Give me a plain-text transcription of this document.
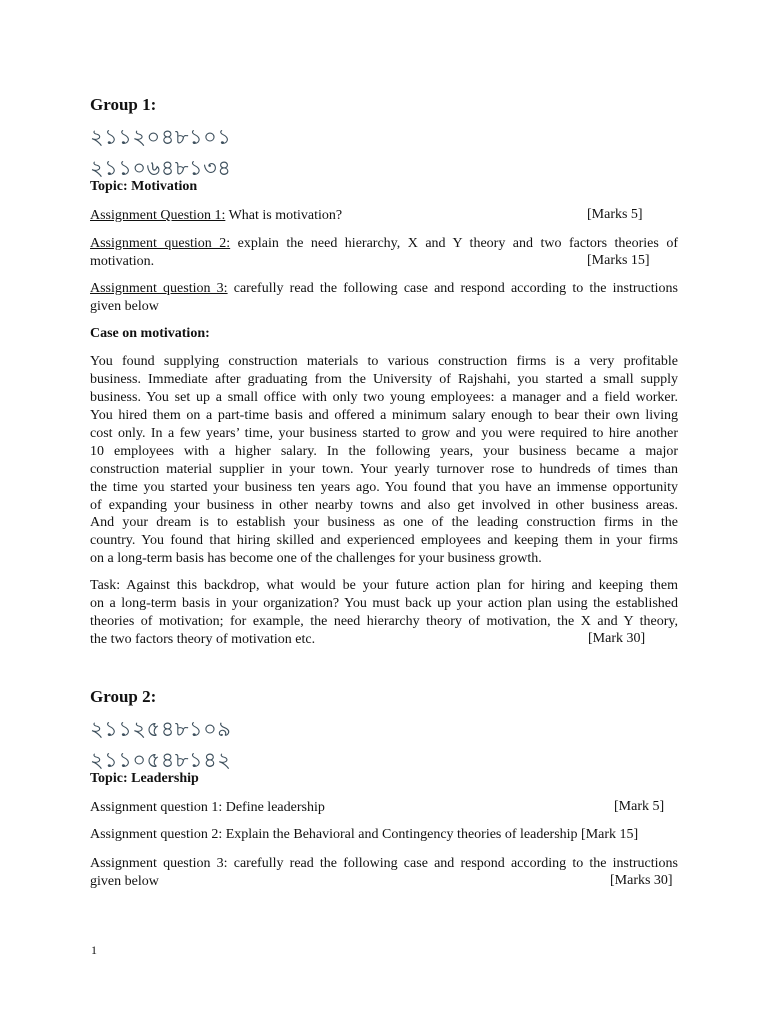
Group 1:
২১১২০৪৮১০১
২১১০৬৪৮১৩৪
Topic: Motivation
Assignment Question 1: What is motivation?	[Marks 5]
Assignment question 2: explain the need hierarchy, X and Y theory and two factors theories of
motivation.	[Marks 15]
Assignment question 3: carefully read the following case and respond according to the instructions
given below
Case on motivation:
You found supplying construction materials to various construction firms is a very profitable
business. Immediate after graduating from the University of Rajshahi, you started a small supply
business. You set up a small office with only two young employees: a manager and a field worker.
You hired them on a part-time basis and offered a minimum salary enough to bear their own living
cost only. In a few years’ time, your business started to grow and you were required to hire another
10 employees with a higher salary. In the following years, your business became a major
construction material supplier in your town. Your yearly turnover rose to hundreds of times than
the time you started your business ten years ago. You found that you have an immense opportunity
of expanding your business in other nearby towns and also get involved in other business areas.
And your dream is to establish your business as one of the leading construction firms in the
country. You found that hiring skilled and experienced employees and keeping them in your firms
on a long-term basis has become one of the challenges for your business growth.
Task: Against this backdrop, what would be your future action plan for hiring and keeping them
on a long-term basis in your organization? You must back up your action plan using the established
theories of motivation; for example, the need hierarchy theory of motivation, the X and Y theory,
the two factors theory of motivation etc.	[Mark 30]
Group 2:
২১১২৫৪৮১০৯
২১১০৫৪৮১৪২
Topic: Leadership
Assignment question 1: Define leadership	[Mark 5]
Assignment question 2: Explain the Behavioral and Contingency theories of leadership [Mark 15]
Assignment question 3: carefully read the following case and respond according to the instructions
given below	[Marks 30]
1
